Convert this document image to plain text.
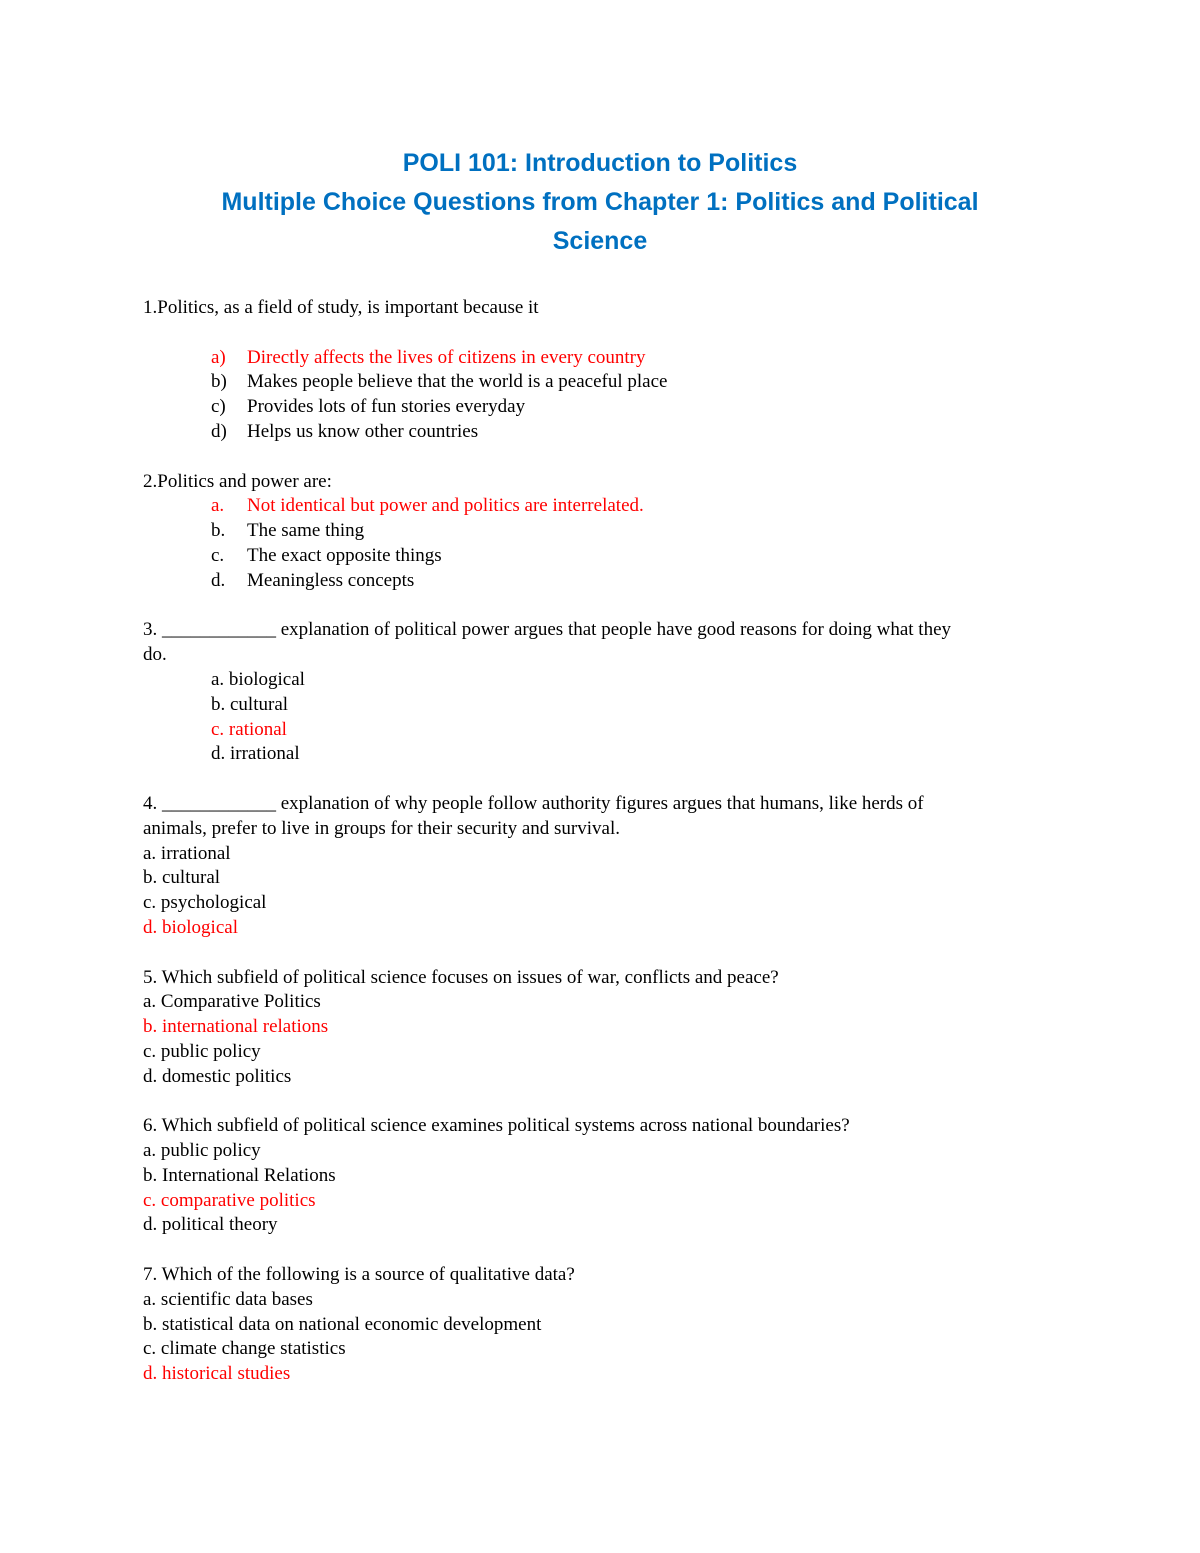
POLI 101: Introduction to Politics
Multiple Choice Questions from Chapter 1: Politics and Political
Science

1.Politics, as a field of study, is important because it

a)	Directly affects the lives of citizens in every country

b)	Makes people believe that the world is a peaceful place

c)	Provides lots of fun stories everyday

d)	Helps us know other countries

2.Politics and power are:

a.	Not identical but power and politics are interrelated.

b.	The same thing

c.	The exact opposite things

d.	Meaningless concepts

3. ____________ explanation of political power argues that people have good reasons for doing what they

do.

a. biological

b. cultural

c. rational

d. irrational

4. ____________ explanation of why people follow authority figures argues that humans, like herds of

animals, prefer to live in groups for their security and survival.

a. irrational

b. cultural

c. psychological

d. biological

5. Which subfield of political science focuses on issues of war, conflicts and peace?

a. Comparative Politics

b. international relations

c. public policy

d. domestic politics

6. Which subfield of political science examines political systems across national boundaries?

a. public policy

b. International Relations

c. comparative politics

d. political theory

7. Which of the following is a source of qualitative data?

a. scientific data bases

b. statistical data on national economic development

c. climate change statistics

d. historical studies
